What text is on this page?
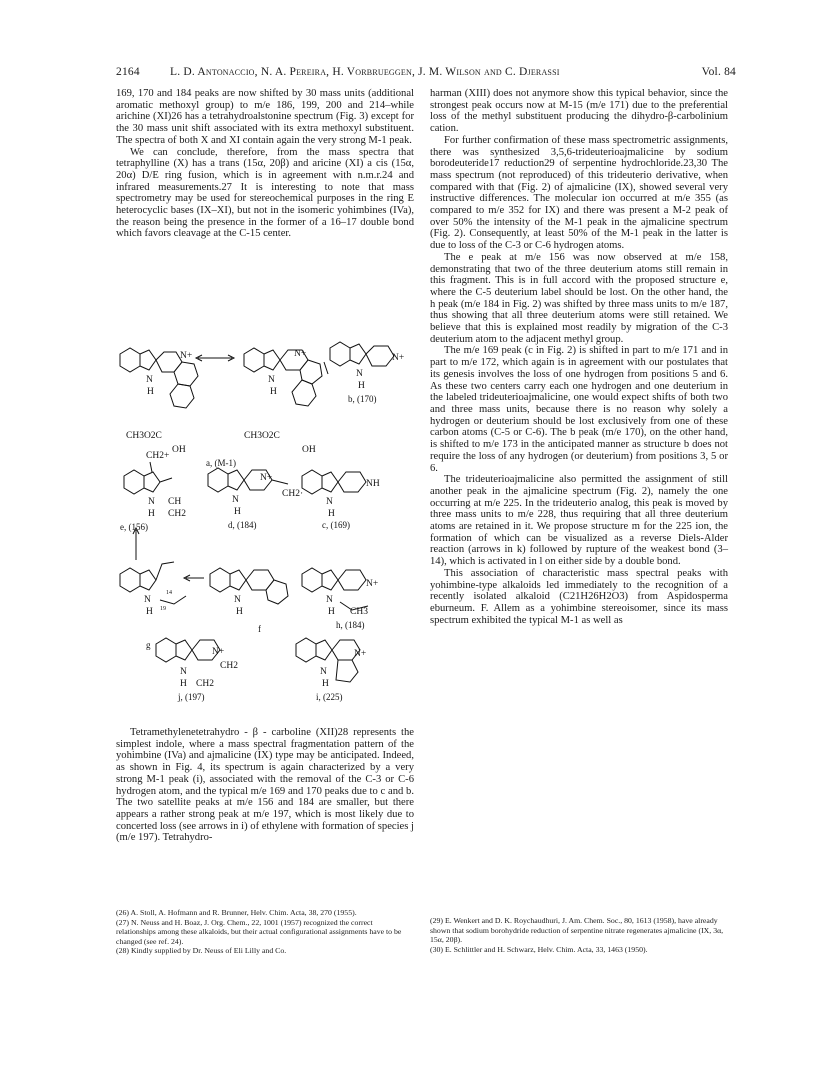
2164	L. D. Antonaccio, N. A. Pereira, H. Vorbrueggen, J. M. Wilson and C. Djerassi	Vol. 84

169, 170 and 184 peaks are now shifted by 30 mass units (additional aromatic methoxyl group) to m/e 186, 199, 200 and 214–while arichine (XI)26 has a tetrahydroalstonine spectrum (Fig. 3) except for the 30 mass unit shift associated with its extra methoxyl substituent. The spectra of both X and XI contain again the very strong M-1 peak.

We can conclude, therefore, from the mass spectra that tetraphylline (X) has a trans (15α, 20β) and aricine (XI) a cis (15α, 20α) D/E ring fusion, which is in agreement with n.m.r.24 and infrared measurements.27 It is interesting to note that mass spectrometry may be used for stereochemical purposes in the ring E heterocyclic bases (IX–XI), but not in the isomeric yohimbines (IVa), the reason being the presence in the former of a 16–17 double bond which favors cleavage at the C-15 center.

N
H
N+
CH3O2C
OH
a, (M-1)
N
H
N+
CH3O2C
OH
N
H
N+
b, (170)
CH2+
N CH
H CH2
e, (156)
N
H
N+
CH2·
d, (184)
N
H
NH
c, (169)
N
H
14
19
g
N
H
f
N
H
N+
CH3
h, (184)
N
H
N+
CH2
CH2
j, (197)
N
H
N+
i, (225)

Tetramethylenetetrahydro - β - carboline (XII)28 represents the simplest indole, where a mass spectral fragmentation pattern of the yohimbine (IVa) and ajmalicine (IX) type may be anticipated. Indeed, as shown in Fig. 4, its spectrum is again characterized by a very strong M-1 peak (i), associated with the removal of the C-3 or C-6 hydrogen atom, and the typical m/e 169 and 170 peaks due to c and b. The two satellite peaks at m/e 156 and 184 are smaller, but there appears a rather strong peak at m/e 197, which is most likely due to concerted loss (see arrows in i) of ethylene with formation of species j (m/e 197). Tetrahydro-

(26) A. Stoll, A. Hofmann and R. Brunner, Helv. Chim. Acta, 38, 270 (1955).

(27) N. Neuss and H. Boaz, J. Org. Chem., 22, 1001 (1957) recognized the correct relationships among these alkaloids, but their actual configurational assignments have to be changed (see ref. 24).

(28) Kindly supplied by Dr. Neuss of Eli Lilly and Co.

harman (XIII) does not anymore show this typical behavior, since the strongest peak occurs now at M-15 (m/e 171) due to the preferential loss of the methyl substituent producing the dihydro-β-carbolinium cation.

For further confirmation of these mass spectrometric assignments, there was synthesized 3,5,6-trideuterioajmalicine by sodium borodeuteride17 reduction29 of serpentine hydrochloride.23,30 The mass spectrum (not reproduced) of this trideuterio derivative, when compared with that (Fig. 2) of ajmalicine (IX), showed several very instructive differences. The molecular ion occurred at m/e 355 (as compared to m/e 352 for IX) and there was present a M-2 peak of over 50% the intensity of the M-1 peak in the ajmalicine spectrum (Fig. 2). Consequently, at least 50% of the M-1 peak in the latter is due to loss of the C-3 or C-6 hydrogen atoms.

The e peak at m/e 156 was now observed at m/e 158, demonstrating that two of the three deuterium atoms still remain in this fragment. This is in full accord with the proposed structure e, where the C-5 deuterium label should be lost. On the other hand, the h peak (m/e 184 in Fig. 2) was shifted by three mass units to m/e 187, thus showing that all three deuterium atoms were still retained. We believe that this is explained most readily by migration of the C-3 deuterium atom to the adjacent methyl group.

The m/e 169 peak (c in Fig. 2) is shifted in part to m/e 171 and in part to m/e 172, which again is in agreement with our postulates that its genesis involves the loss of one hydrogen from positions 5 and 6. As these two centers carry each one hydrogen and one deuterium in the labeled trideuterioajmalicine, one would expect shifts of both two and three mass units, because there is no reason why solely a hydrogen or deuterium should be lost exclusively from one of these carbon atoms (C-5 or C-6). The b peak (m/e 170), on the other hand, is shifted to m/e 173 in the anticipated manner as structure b does not require the loss of any hydrogen (or deuterium) from positions 3, 5 or 6.

The trideuterioajmalicine also permitted the assignment of still another peak in the ajmalicine spectrum (Fig. 2), namely the one occurring at m/e 225. In the trideuterio analog, this peak is moved by three mass units to m/e 228, thus requiring that all three deuterium atoms are retained in it. We propose structure m for the 225 ion, the formation of which can be visualized as a reverse Diels-Alder reaction (arrows in k) followed by rupture of the weakest bond (3–14), which is activated in l on either side by a double bond.

This association of characteristic mass spectral peaks with yohimbine-type alkaloids led immediately to the recognition of a recently isolated alkaloid (C21H26H2O3) from Aspidosperma eburneum. F. Allem as a yohimbine stereoisomer, since its mass spectrum exhibited the typical M-1 as well as

(29) E. Wenkert and D. K. Roychaudhuri, J. Am. Chem. Soc., 80, 1613 (1958), have already shown that sodium borohydride reduction of serpentine nitrate regenerates ajmalicine (IX, 3α, 15α, 20β).

(30) E. Schlittler and H. Schwarz, Helv. Chim. Acta, 33, 1463 (1950).
